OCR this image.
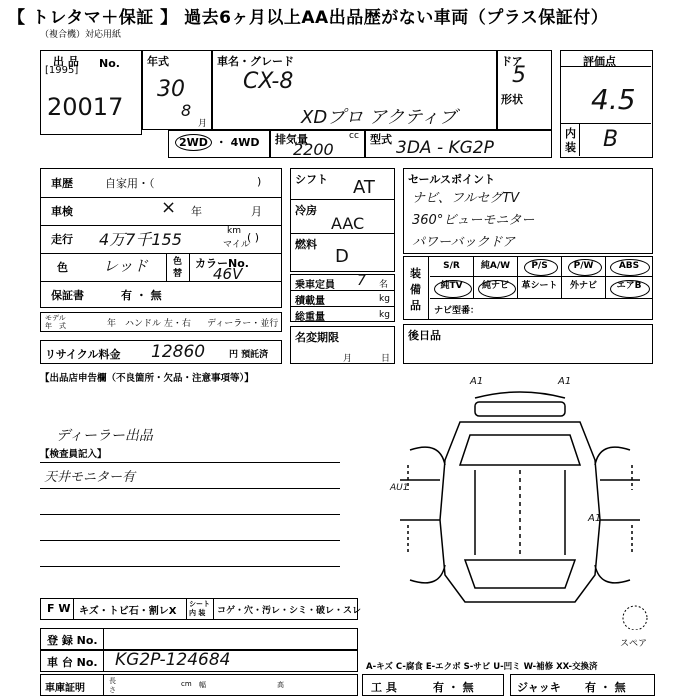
【 トレタマ＋保証 】 過去6ヶ月以上AA出品歴がない車両（プラス保証付）
（複合機）対応用紙
出 品 No.
[1995]
20017
年式
30
8
月
車名・グレード
CX-8
XDプロ アクティブ
ドア
5
形状
評価点
4.5
内
装 B
2WD ・ 4WD 排気量	cc
2200
型式 3DA - KG2P
車歴	自家用・（	)
車検	× 年	月
走行 4万7千155	km
マイル
( )
色 レッド	色
替
カラーNo.
46V
保証書	有 ・ 無
モデル
年　式	年 ハンドル 左・右 ディーラー・並行
リサイクル料金 12860	円 預託済
シフト AT
冷房
AAC
燃料
D
乗車定員 7 名
積載量	kg
総重量	kg
名変期限
月	日
セールスポイント
ナビ、フルセグTV
360°ビューモニター
パワーバックドア
装
備
品
S/R	純A/W	P/S	P/W	ABS
純TV	純ナビ	革シート	外ナビ	エアB
ナビ型番：
後日品
【出品店申告欄（不良箇所・欠品・注意事項等）】
ディーラー出品
【検査員記入】
天井モニター有
A1	A1
AU1
A1
スペア
F W キズ・トビ石・割レX
シート
内 装 コゲ・穴・汚レ・シミ・破レ・スレ
登 録 No.
車 台 No. KG2P-124684
車庫証明
長
さ
cm 幅	高
A-キズ C-腐食 E-エクボ S-サビ U-凹ミ W-補修 XX-交換済
工 具	有 ・ 無	ジャッキ 有 ・ 無
